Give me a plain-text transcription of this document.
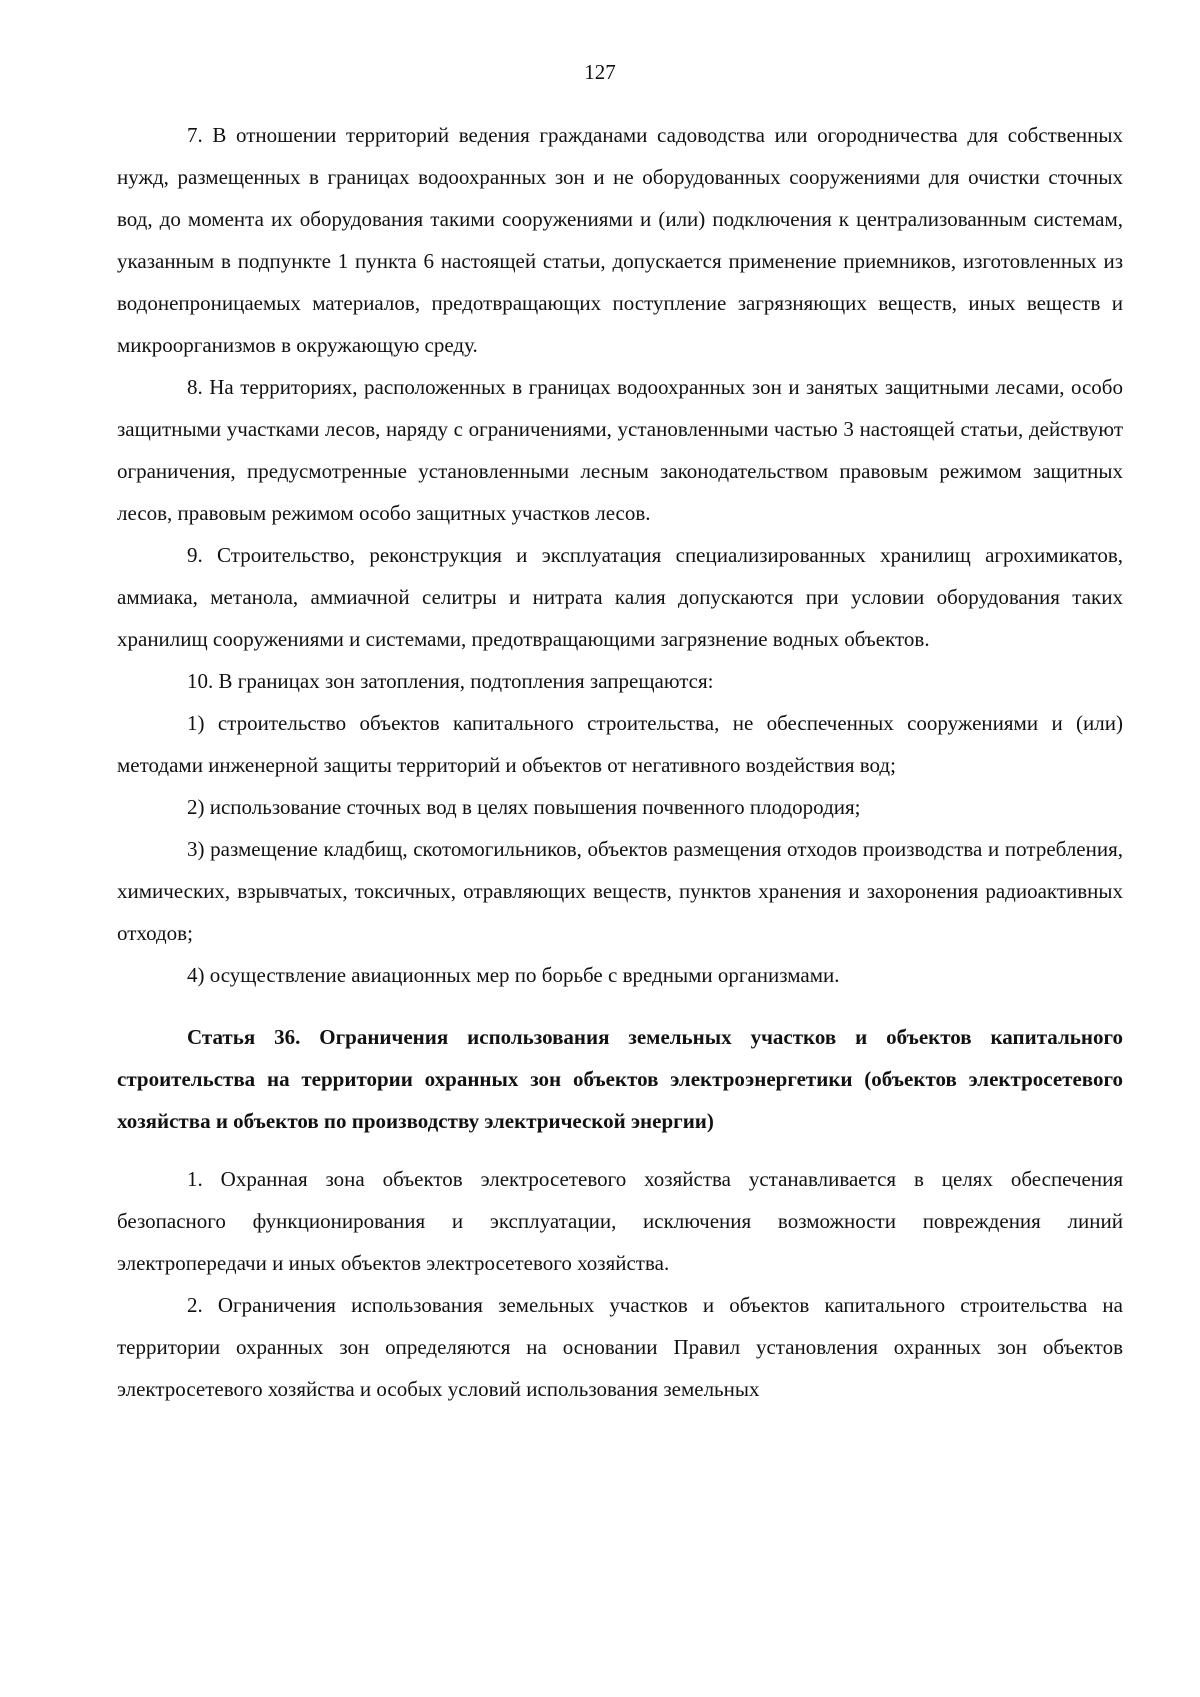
127

7. В отношении территорий ведения гражданами садоводства или огородничества для собственных нужд, размещенных в границах водоохранных зон и не оборудованных сооружениями для очистки сточных вод, до момента их оборудования такими сооружениями и (или) подключения к централизованным системам, указанным в подпункте 1 пункта 6 настоящей статьи, допускается применение приемников, изготовленных из водонепроницаемых материалов, предотвращающих поступление загрязняющих веществ, иных веществ и микроорганизмов в окружающую среду.

8. На территориях, расположенных в границах водоохранных зон и занятых защитными лесами, особо защитными участками лесов, наряду с ограничениями, установленными частью 3 настоящей статьи, действуют ограничения, предусмотренные установленными лесным законодательством правовым режимом защитных лесов, правовым режимом особо защитных участков лесов.

9. Строительство, реконструкция и эксплуатация специализированных хранилищ агрохимикатов, аммиака, метанола, аммиачной селитры и нитрата калия допускаются при условии оборудования таких хранилищ сооружениями и системами, предотвращающими загрязнение водных объектов.

10. В границах зон затопления, подтопления запрещаются:

1) строительство объектов капитального строительства, не обеспеченных сооружениями и (или) методами инженерной защиты территорий и объектов от негативного воздействия вод;

2) использование сточных вод в целях повышения почвенного плодородия;

3) размещение кладбищ, скотомогильников, объектов размещения отходов производства и потребления, химических, взрывчатых, токсичных, отравляющих веществ, пунктов хранения и захоронения радиоактивных отходов;

4) осуществление авиационных мер по борьбе с вредными организмами.

Статья 36. Ограничения использования земельных участков и объектов капитального строительства на территории охранных зон объектов электроэнергетики (объектов электросетевого хозяйства и объектов по производству электрической энергии)

1. Охранная зона объектов электросетевого хозяйства устанавливается в целях обеспечения безопасного функционирования и эксплуатации, исключения возможности повреждения линий электропередачи и иных объектов электросетевого хозяйства.

2. Ограничения использования земельных участков и объектов капитального строительства на территории охранных зон определяются на основании Правил установления охранных зон объектов электросетевого хозяйства и особых условий использования земельных
